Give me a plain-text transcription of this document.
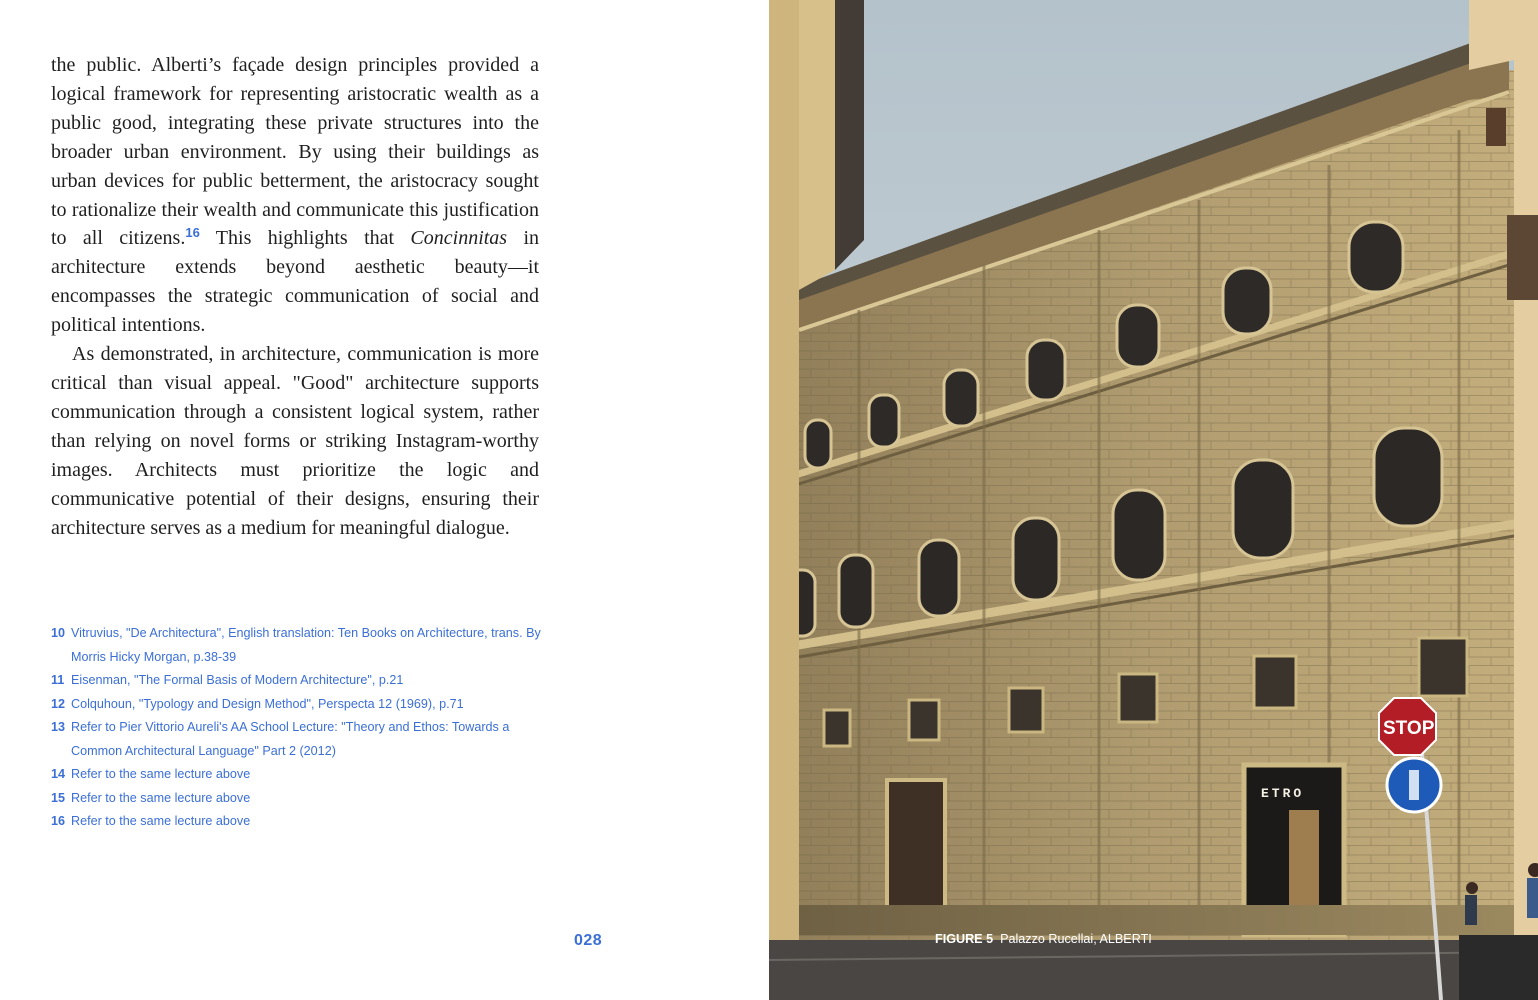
the public. Alberti’s façade design principles provided a logical framework for representing aristocratic wealth as a public good, integrating these private structures into the broader urban environment. By using their buildings as urban devices for public betterment, the aristocracy sought to rationalize their wealth and communicate this justification to all citizens.$^{16}$ This highlights that Concinnitas in architecture extends beyond aesthetic beauty—it encompasses the strategic communication of social and political intentions.

As demonstrated, in architecture, communication is more critical than visual appeal. "Good" architecture supports communication through a consistent logical system, rather than relying on novel forms or striking Instagram-worthy images. Architects must prioritize the logic and communicative potential of their designs, ensuring their architecture serves as a medium for meaningful dialogue.

10 Vitruvius, "De Architectura", English translation: Ten Books on Architecture, trans. By Morris Hicky Morgan, p.38-39
11 Eisenman, "The Formal Basis of Modern Architecture", p.21
12 Colquhoun, "Typology and Design Method", Perspecta 12 (1969), p.71
13 Refer to Pier Vittorio Aureli's AA School Lecture: "Theory and Ethos: Towards a Common Architectural Language" Part 2 (2012)
14 Refer to the same lecture above
15 Refer to the same lecture above
16 Refer to the same lecture above
028
ETRO
STOP
FIGURE 5 Palazzo Rucellai, ALBERTI
